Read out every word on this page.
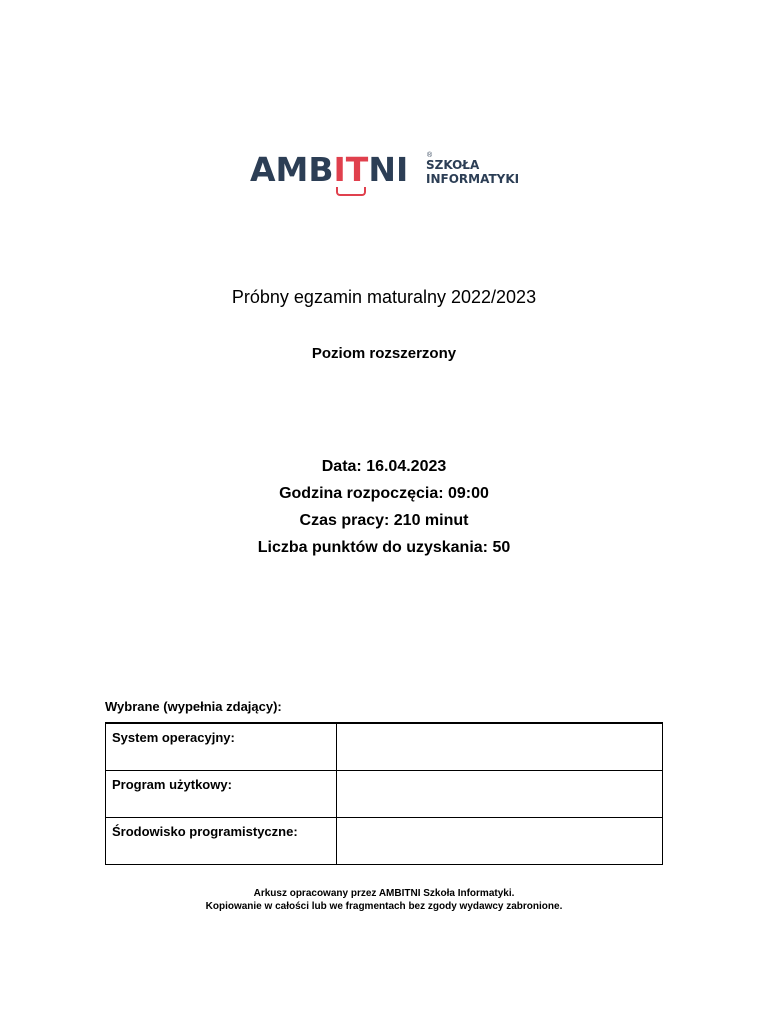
AMBITNI	®
SZKOŁA
INFORMATYKI
Próbny egzamin maturalny 2022/2023
Poziom rozszerzony
Data: 16.04.2023
Godzina rozpoczęcia: 09:00
Czas pracy: 210 minut
Liczba punktów do uzyskania: 50
Wybrane (wypełnia zdający):
System operacyjny:	
Program użytkowy:	
Środowisko programistyczne:	
Arkusz opracowany przez AMBITNI Szkoła Informatyki.
Kopiowanie w całości lub we fragmentach bez zgody wydawcy zabronione.
